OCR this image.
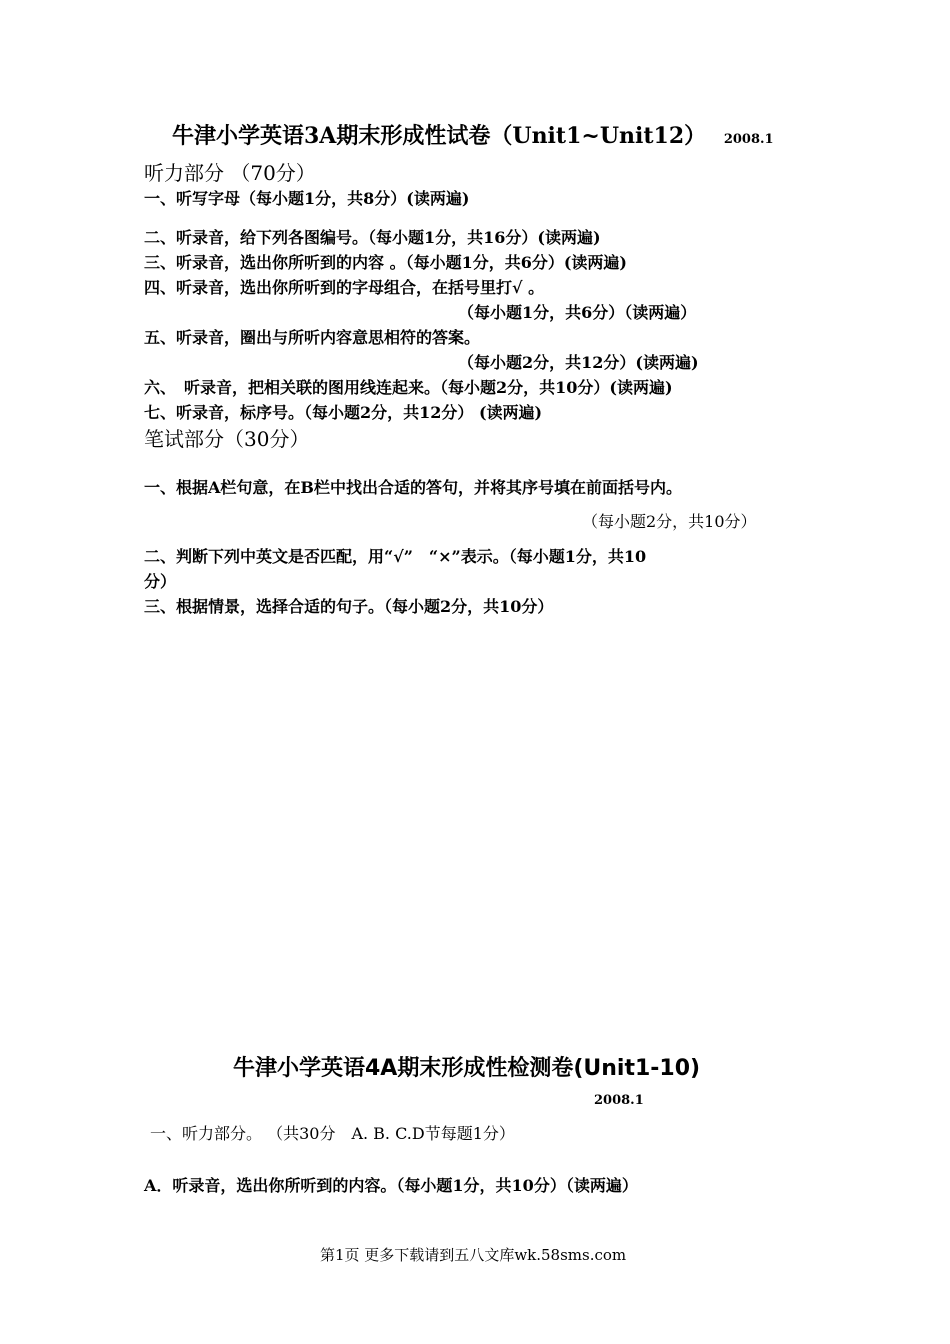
牛津小学英语3A期末形成性试卷（Unit1~Unit12） 2008.1
听力部分 （70分）
一、听写字母（每小题1分，共8分）(读两遍)
二、听录音，给下列各图编号。（每小题1分，共16分）(读两遍)
三、听录音，选出你所听到的内容 。（每小题1分，共6分）(读两遍)
四、听录音，选出你所听到的字母组合，在括号里打√ 。
（每小题1分，共6分）（读两遍）
五、听录音，圈出与所听内容意思相符的答案。
（每小题2分，共12分）(读两遍)
六、　听录音，把相关联的图用线连起来。（每小题2分，共10分）(读两遍)
七、听录音，标序号。（每小题2分，共12分） (读两遍)
笔试部分（30分）
一、根据A栏句意，在B栏中找出合适的答句，并将其序号填在前面括号内。
（每小题2分，共10分）
二、判断下列中英文是否匹配，用“√”　“×”表示。（每小题1分，共10
分）
三、根据情景，选择合适的句子。（每小题2分，共10分）
牛津小学英语4A期末形成性检测卷(Unit1-10)
2008.1
一、听力部分。 （共30分　A. B. C.D节每题1分）
A．听录音，选出你所听到的内容。（每小题1分，共10分）（读两遍）
第1页 更多下载请到五八文库wk.58sms.com
